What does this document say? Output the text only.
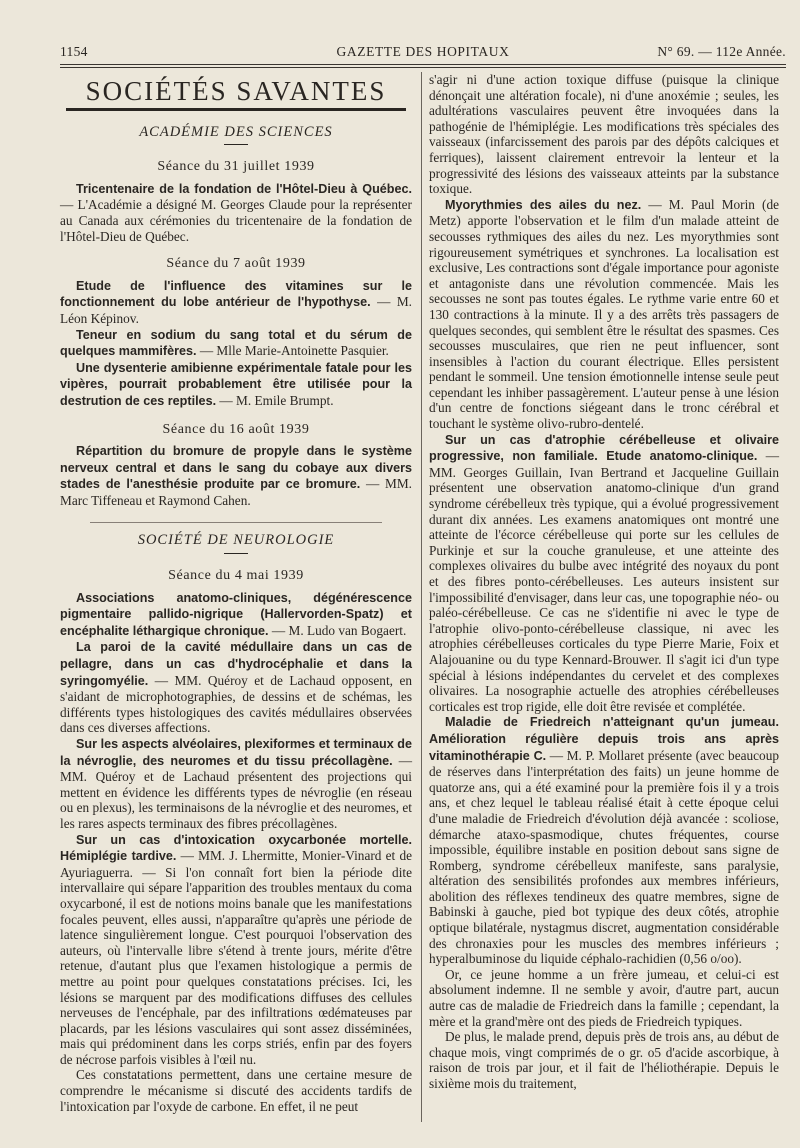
1154	GAZETTE DES HOPITAUX	N° 69. — 112e Année.
SOCIÉTÉS SAVANTES
ACADÉMIE DES SCIENCES
Séance du 31 juillet 1939

Tricentenaire de la fondation de l'Hôtel-Dieu à Québec. — L'Académie a désigné M. Georges Claude pour la représenter au Canada aux cérémonies du tricentenaire de la fondation de l'Hôtel-Dieu de Québec.

Séance du 7 août 1939

Etude de l'influence des vitamines sur le fonctionnement du lobe antérieur de l'hypothyse. — M. Léon Képinov.

Teneur en sodium du sang total et du sérum de quelques mammifères. — Mlle Marie-Antoinette Pasquier.

Une dysenterie amibienne expérimentale fatale pour les vipères, pourrait probablement être utilisée pour la destrution de ces reptiles. — M. Emile Brumpt.

Séance du 16 août 1939

Répartition du bromure de propyle dans le système nerveux central et dans le sang du cobaye aux divers stades de l'anesthésie produite par ce bromure. — MM. Marc Tiffeneau et Raymond Cahen.

SOCIÉTÉ DE NEUROLOGIE
Séance du 4 mai 1939

Associations anatomo-cliniques, dégénérescence pigmentaire pallido-nigrique (Hallervorden-Spatz) et encéphalite léthargique chronique. — M. Ludo van Bogaert.

La paroi de la cavité médullaire dans un cas de pellagre, dans un cas d'hydrocéphalie et dans la syringomyélie. — MM. Quéroy et de Lachaud opposent, en s'aidant de microphotographies, de dessins et de schémas, les différents types histologiques des cavités médullaires observées dans ces diverses affections.

Sur les aspects alvéolaires, plexiformes et terminaux de la névroglie, des neuromes et du tissu précollagène. — MM. Quéroy et de Lachaud présentent des projections qui mettent en évidence les différents types de névroglie (en réseau ou en plexus), les terminaisons de la névroglie et des neuromes, et les rares aspects terminaux des fibres précollagènes.

Sur un cas d'intoxication oxycarbonée mortelle. Hémiplégie tardive. — MM. J. Lhermitte, Monier-Vinard et de Ayuriaguerra. — Si l'on connaît fort bien la période dite intervallaire qui sépare l'apparition des troubles mentaux du coma oxycarboné, il est de notions moins banale que les manifestations focales peuvent, elles aussi, n'apparaître qu'après une période de latence singulièrement longue. C'est pourquoi l'observation des auteurs, où l'intervalle libre s'étend à trente jours, mérite d'être retenue, d'autant plus que l'examen histologique a permis de mettre au point pour quelques constatations précises. Ici, les lésions se marquent par des modifications diffuses des cellules nerveuses de l'encéphale, par des infiltrations œdémateuses par placards, par les lésions vasculaires qui sont assez disséminées, mais qui prédominent dans les corps striés, enfin par des foyers de nécrose parfois visibles à l'œil nu.

Ces constatations permettent, dans une certaine mesure de comprendre le mécanisme si discuté des accidents tardifs de l'intoxication par l'oxyde de carbone. En effet, il ne peut

s'agir ni d'une action toxique diffuse (puisque la clinique dénonçait une altération focale), ni d'une anoxémie ; seules, les adultérations vasculaires peuvent être invoquées dans la pathogénie de l'hémiplégie. Les modifications très spéciales des vaisseaux (infarcissement des parois par des dépôts calciques et ferriques), laissent clairement entrevoir la lenteur et la progressivité des lésions des vaisseaux atteints par la substance toxique.

Myorythmies des ailes du nez. — M. Paul Morin (de Metz) apporte l'observation et le film d'un malade atteint de secousses rythmiques des ailes du nez. Les myorythmies sont rigoureusement symétriques et synchrones. La localisation est exclusive, Les contractions sont d'égale importance pour agoniste et antagoniste dans une révolution commencée. Mais les secousses ne sont pas toutes égales. Le rythme varie entre 60 et 130 contractions à la minute. Il y a des arrêts très passagers de quelques secondes, qui semblent être le résultat des spasmes. Ces secousses musculaires, que rien ne peut influencer, sont insensibles à l'action du courant électrique. Elles persistent pendant le sommeil. Une tension émotionnelle intense seule peut cependant les inhiber passagèrement. L'auteur pense à une lésion d'un centre de fonctions siégeant dans le tronc cérébral et touchant le système olivo-rubro-dentelé.

Sur un cas d'atrophie cérébelleuse et olivaire progressive, non familiale. Etude anatomo-clinique. — MM. Georges Guillain, Ivan Bertrand et Jacqueline Guillain présentent une observation anatomo-clinique d'un grand syndrome cérébelleux très typique, qui a évolué progressivement durant dix années. Les examens anatomiques ont montré une atteinte de l'écorce cérébelleuse qui porte sur les cellules de Purkinje et sur la couche granuleuse, et une atteinte des complexes olivaires du bulbe avec intégrité des noyaux du pont et des fibres ponto-cérébelleuses. Les auteurs insistent sur l'impossibilité d'envisager, dans leur cas, une topographie néo- ou paléo-cérébelleuse. Ce cas ne s'identifie ni avec le type de l'atrophie olivo-ponto-cérébelleuse classique, ni avec les atrophies cérébelleuses corticales du type Pierre Marie, Foix et Alajouanine ou du type Kennard-Brouwer. Il s'agit ici d'un type spécial à lésions indépendantes du cervelet et des complexes olivaires. La nosographie actuelle des atrophies cérébelleuses corticales est trop rigide, elle doit être revisée et complétée.

Maladie de Friedreich n'atteignant qu'un jumeau. Amélioration régulière depuis trois ans après vitaminothérapie C. — M. P. Mollaret présente (avec beaucoup de réserves dans l'interprétation des faits) un jeune homme de quatorze ans, qui a été examiné pour la première fois il y a trois ans, et chez lequel le tableau réalisé était à cette époque celui d'une maladie de Friedreich d'évolution déjà avancée : scoliose, démarche ataxo-spasmodique, chutes fréquentes, course impossible, équilibre instable en position debout sans signe de Romberg, syndrome cérébelleux manifeste, sans paralysie, altération des sensibilités profondes aux membres inférieurs, abolition des réflexes tendineux des quatre membres, signe de Babinski à gauche, pied bot typique des deux côtés, atrophie optique bilatérale, nystagmus discret, augmentation considérable des chronaxies pour les muscles des membres inférieurs ; hyperalbuminose du liquide céphalo-rachidien (0,56 o/oo).

Or, ce jeune homme a un frère jumeau, et celui-ci est absolument indemne. Il ne semble y avoir, d'autre part, aucun autre cas de maladie de Friedreich dans la famille ; cependant, la mère et la grand'mère ont des pieds de Friedreich typiques.

De plus, le malade prend, depuis près de trois ans, au début de chaque mois, vingt comprimés de o gr. o5 d'acide ascorbique, à raison de trois par jour, et il fait de l'héliothérapie. Depuis le sixième mois du traitement,
